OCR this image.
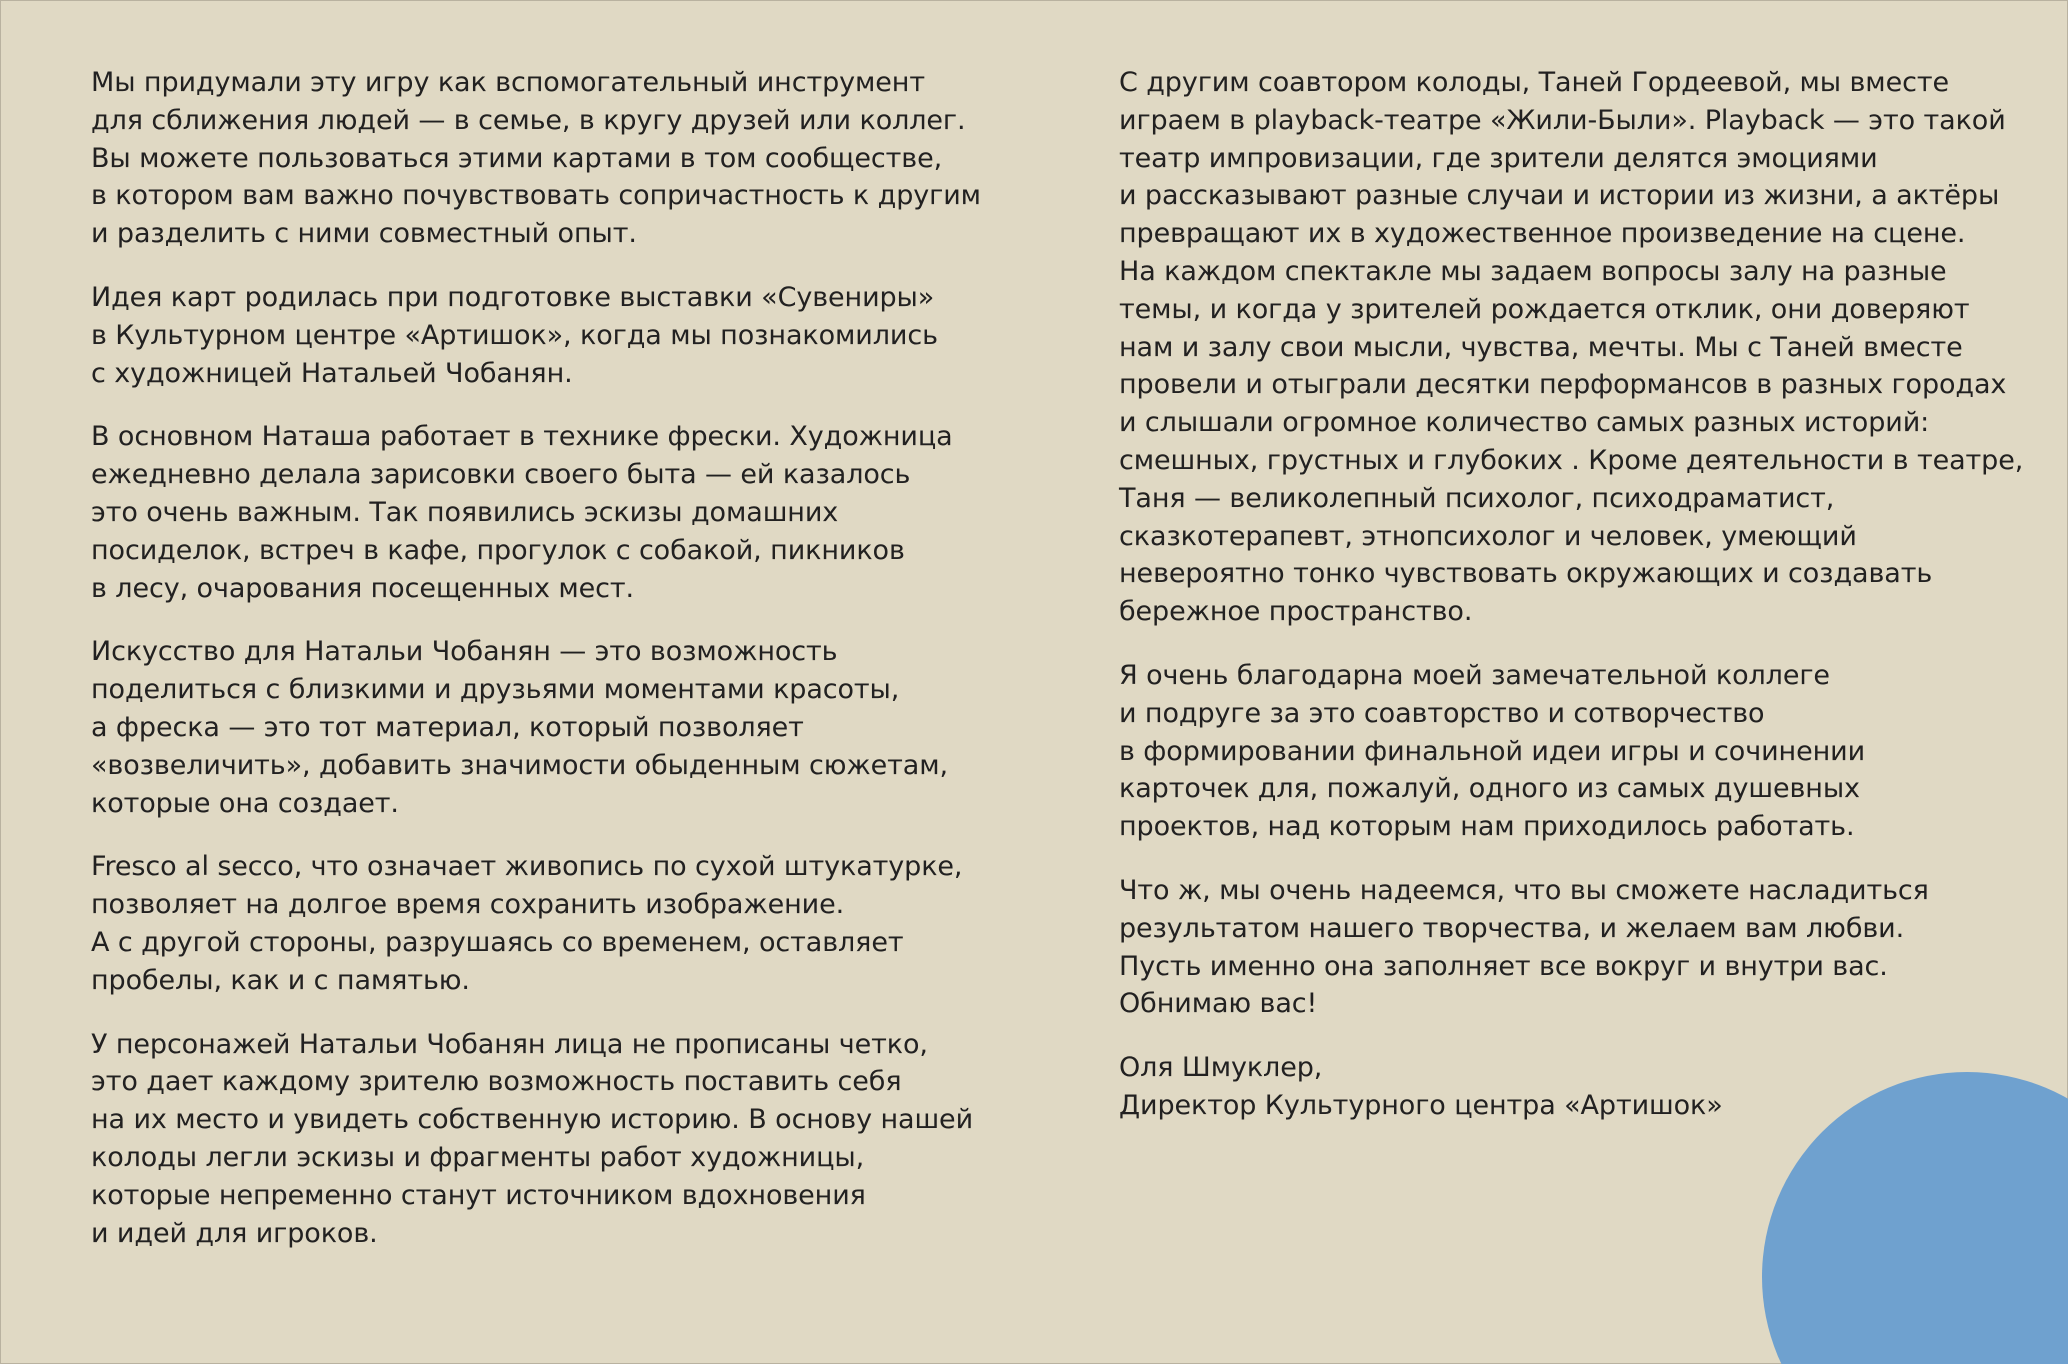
Мы придумали эту игру как вспомогательный инструмент
для сближения людей — в семье, в кругу друзей или коллег.
Вы можете пользоваться этими картами в том сообществе,
в котором вам важно почувствовать сопричастность к другим
и разделить с ними совместный опыт.

Идея карт родилась при подготовке выставки «Сувениры»
в Культурном центре «Артишок», когда мы познакомились
с художницей Натальей Чобанян.

В основном Наташа работает в технике фрески. Художница
ежедневно делала зарисовки своего быта — ей казалось
это очень важным. Так появились эскизы домашних
посиделок, встреч в кафе, прогулок с собакой, пикников
в лесу, очарования посещенных мест.

Искусство для Натальи Чобанян — это возможность
поделиться с близкими и друзьями моментами красоты,
а фреска — это тот материал, который позволяет
«возвеличить», добавить значимости обыденным сюжетам,
которые она создает.

Fresco al secco, что означает живопись по сухой штукатурке,
позволяет на долгое время сохранить изображение.
А с другой стороны, разрушаясь со временем, оставляет
пробелы, как и с памятью.

У персонажей Натальи Чобанян лица не прописаны четко,
это дает каждому зрителю возможность поставить себя
на их место и увидеть собственную историю. В основу нашей
колоды легли эскизы и фрагменты работ художницы,
которые непременно станут источником вдохновения
и идей для игроков.

С другим соавтором колоды, Таней Гордеевой, мы вместе
играем в playback-театре «Жили-Были». Playback — это такой
театр импровизации, где зрители делятся эмоциями
и рассказывают разные случаи и истории из жизни, а актёры
превращают их в художественное произведение на сцене.
На каждом спектакле мы задаем вопросы залу на разные
темы, и когда у зрителей рождается отклик, они доверяют
нам и залу свои мысли, чувства, мечты. Мы с Таней вместе
провели и отыграли десятки перформансов в разных городах
и слышали огромное количество самых разных историй:
смешных, грустных и глубоких . Кроме деятельности в театре,
Таня — великолепный психолог, психодраматист,
сказкотерапевт, этнопсихолог и человек, умеющий
невероятно тонко чувствовать окружающих и создавать
бережное пространство.

Я очень благодарна моей замечательной коллеге
и подруге за это соавторство и сотворчество
в формировании финальной идеи игры и сочинении
карточек для, пожалуй, одного из самых душевных
проектов, над которым нам приходилось работать.

Что ж, мы очень надеемся, что вы сможете насладиться
результатом нашего творчества, и желаем вам любви.
Пусть именно она заполняет все вокруг и внутри вас.
Обнимаю вас!

Оля Шмуклер,
Директор Культурного центра «Артишок»
